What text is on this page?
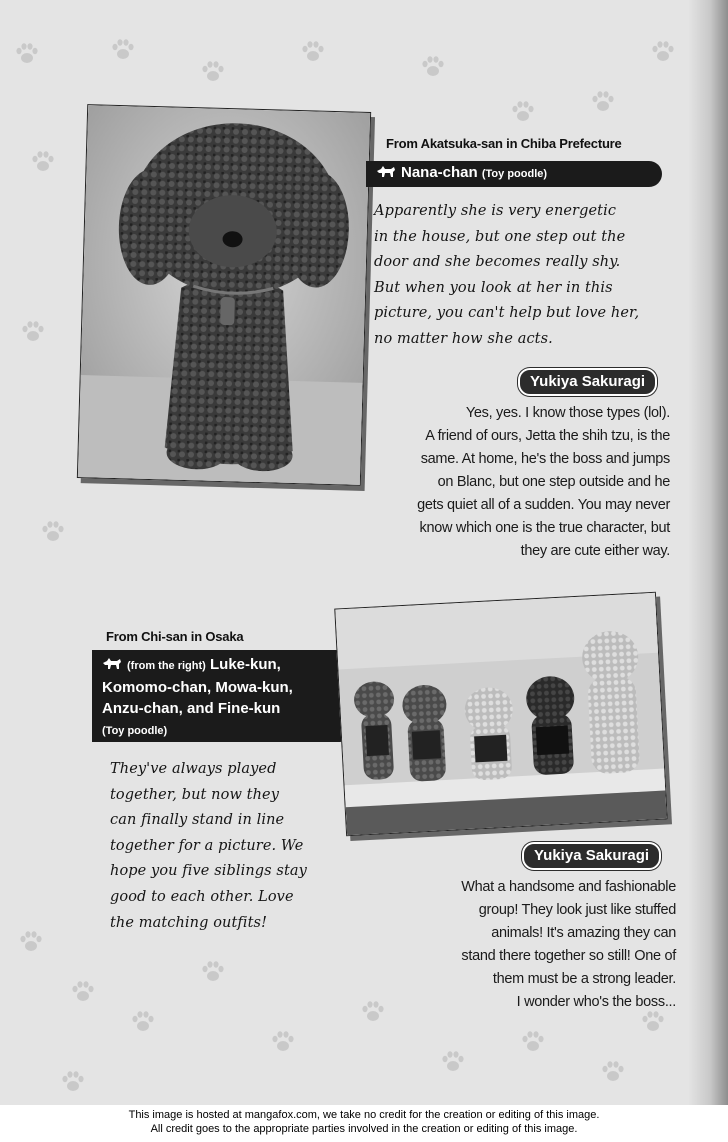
From Akatsuka-san in Chiba Prefecture
Nana-chan (Toy poodle)
Apparently she is very energetic
in the house, but one step out the
door and she becomes really shy.
But when you look at her in this
picture, you can't help but love her,
no matter how she acts.
Yukiya Sakuragi
Yes, yes. I know those types (lol).
A friend of ours, Jetta the shih tzu, is the
same. At home, he's the boss and jumps
on Blanc, but one step outside and he
gets quiet all of a sudden. You may never
know which one is the true character, but
they are cute either way.
From Chi-san in Osaka
(from the right) Luke-kun,
Komomo-chan, Mowa-kun,
Anzu-chan, and Fine-kun
(Toy poodle)
They've always played
together, but now they
can finally stand in line
together for a picture. We
hope you five siblings stay
good to each other. Love
the matching outfits!
Yukiya Sakuragi
What a handsome and fashionable
group! They look just like stuffed
animals! It's amazing they can
stand there together so still! One of
them must be a strong leader.
I wonder who's the boss...
This image is hosted at mangafox.com, we take no credit for the creation or editing of this image.
All credit goes to the appropriate parties involved in the creation or editing of this image.
